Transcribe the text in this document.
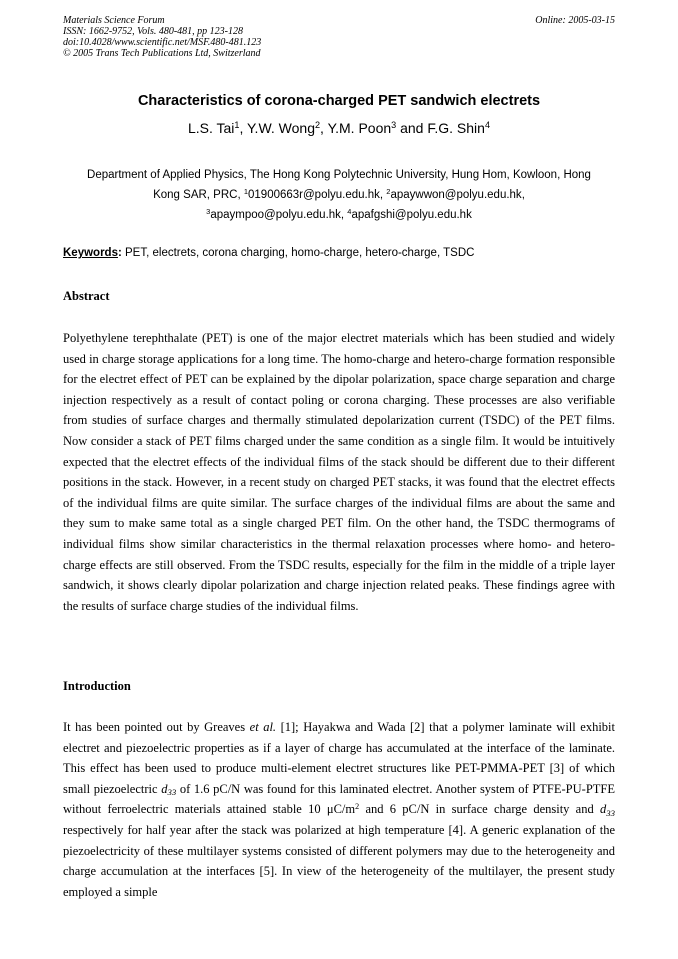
Materials Science Forum
ISSN: 1662-9752, Vols. 480-481, pp 123-128
doi:10.4028/www.scientific.net/MSF.480-481.123
© 2005 Trans Tech Publications Ltd, Switzerland
Online: 2005-03-15
Characteristics of corona-charged PET sandwich electrets
L.S. Tai$^1$, Y.W. Wong$^2$, Y.M. Poon$^3$ and F.G. Shin$^4$
Department of Applied Physics, The Hong Kong Polytechnic University, Hung Hom, Kowloon, Hong
Kong SAR, PRC, $^1$01900663r@polyu.edu.hk, $^2$apaywwon@polyu.edu.hk,
$^3$apaympoo@polyu.edu.hk, $^4$apafgshi@polyu.edu.hk
Keywords: PET, electrets, corona charging, homo-charge, hetero-charge, TSDC
Abstract
Polyethylene terephthalate (PET) is one of the major electret materials which has been studied and widely used in charge storage applications for a long time. The homo-charge and hetero-charge formation responsible for the electret effect of PET can be explained by the dipolar polarization, space charge separation and charge injection respectively as a result of contact poling or corona charging. These processes are also verifiable from studies of surface charges and thermally stimulated depolarization current (TSDC) of the PET films. Now consider a stack of PET films charged under the same condition as a single film. It would be intuitively expected that the electret effects of the individual films of the stack should be different due to their different positions in the stack. However, in a recent study on charged PET stacks, it was found that the electret effects of the individual films are quite similar. The surface charges of the individual films are about the same and they sum to make same total as a single charged PET film. On the other hand, the TSDC thermograms of individual films show similar characteristics in the thermal relaxation processes where homo- and hetero- charge effects are still observed. From the TSDC results, especially for the film in the middle of a triple layer sandwich, it shows clearly dipolar polarization and charge injection related peaks. These findings agree with the results of surface charge studies of the individual films.
Introduction
It has been pointed out by Greaves et al. [1]; Hayakwa and Wada [2] that a polymer laminate will exhibit electret and piezoelectric properties as if a layer of charge has accumulated at the interface of the laminate. This effect has been used to produce multi-element electret structures like PET-PMMA-PET [3] of which small piezoelectric $d_{33}$ of 1.6 pC/N was found for this laminated electret. Another system of PTFE-PU-PTFE without ferroelectric materials attained stable 10 $\mu C/m^2$ and 6 pC/N in surface charge density and $d_{33}$ respectively for half year after the stack was polarized at high temperature [4]. A generic explanation of the piezoelectricity of these multilayer systems consisted of different polymers may due to the heterogeneity and charge accumulation at the interfaces [5]. In view of the heterogeneity of the multilayer, the present study employed a simple
